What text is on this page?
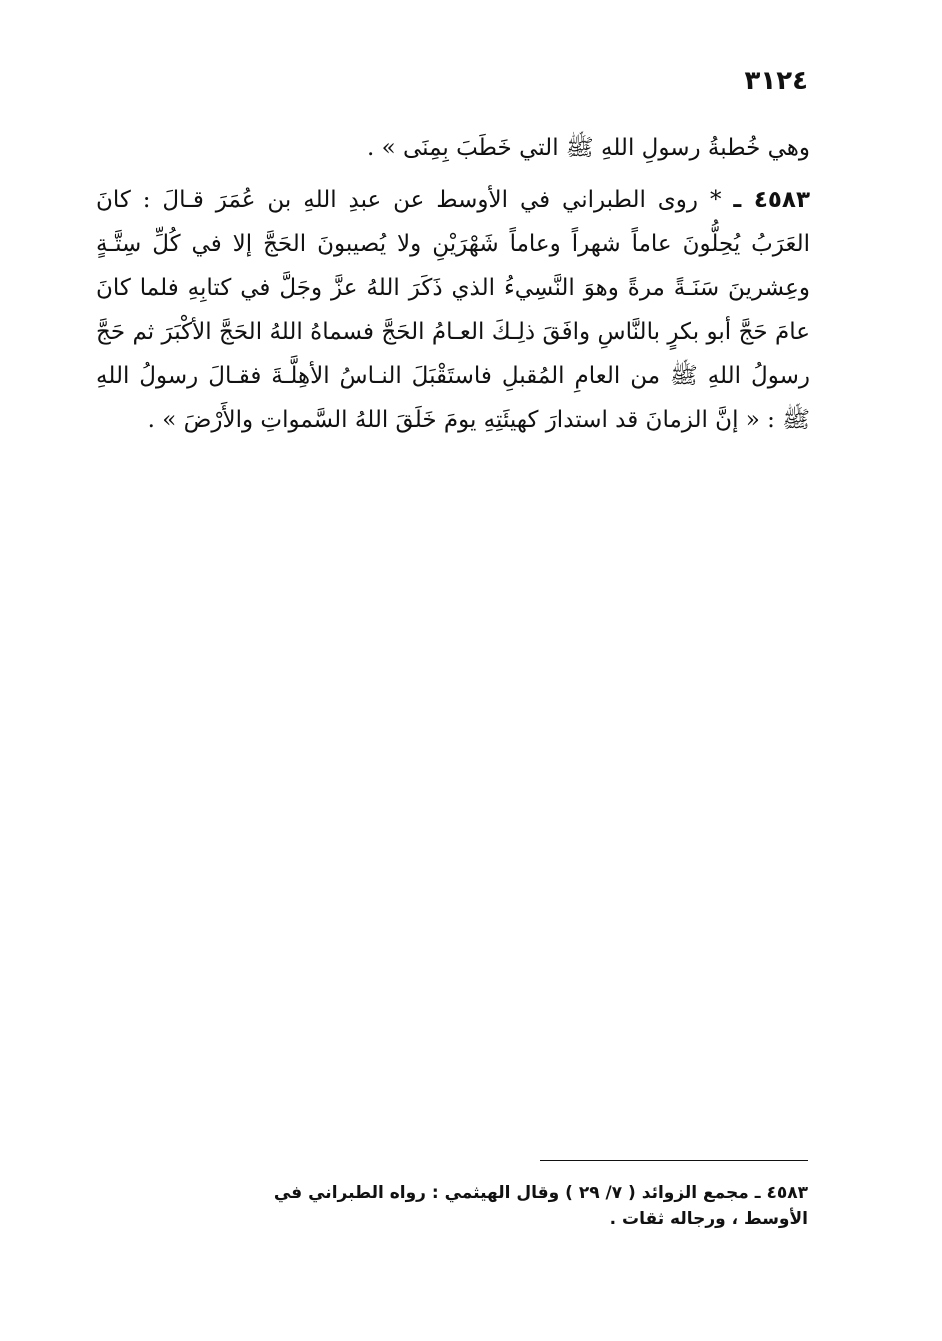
٣١٢٤

وهي خُطبةُ رسولِ اللهِ ﷺ التي خَطَبَ بِمِنَى » .

٤٥٨٣ ـ * روى الطبراني في الأوسط عن عبدِ اللهِ بن عُمَرَ قـالَ : كانَ العَرَبُ يُحِلُّونَ عاماً شهراً وعاماً شَهْرَيْنِ ولا يُصيبونَ الحَجَّ إلا في كُلِّ سِتَّـةٍ وعِشرينَ سَنَـةً مرةً وهوَ النَّسِيءُ الذي ذَكَرَ اللهُ عزَّ وجَلَّ في كتابِهِ فلما كانَ عامَ حَجَّ أبو بكرٍ بالنَّاسِ وافَقَ ذلِـكَ العـامُ الحَجَّ فسماهُ اللهُ الحَجَّ الأكْبَرَ ثم حَجَّ رسولُ اللهِ ﷺ من العامِ المُقبلِ فاستَقْبَلَ النـاسُ الأهِلَّـةَ فقـالَ رسولُ اللهِ ﷺ : « إنَّ الزمانَ قد استدارَ كهيئَتِهِ يومَ خَلَقَ اللهُ السَّمواتِ والأَرْضَ » .

٤٥٨٣ ـ مجمع الزوائد ( ٧/ ٢٩ ) وقال الهيثمي : رواه الطبراني في الأوسط ، ورجاله ثقات .
